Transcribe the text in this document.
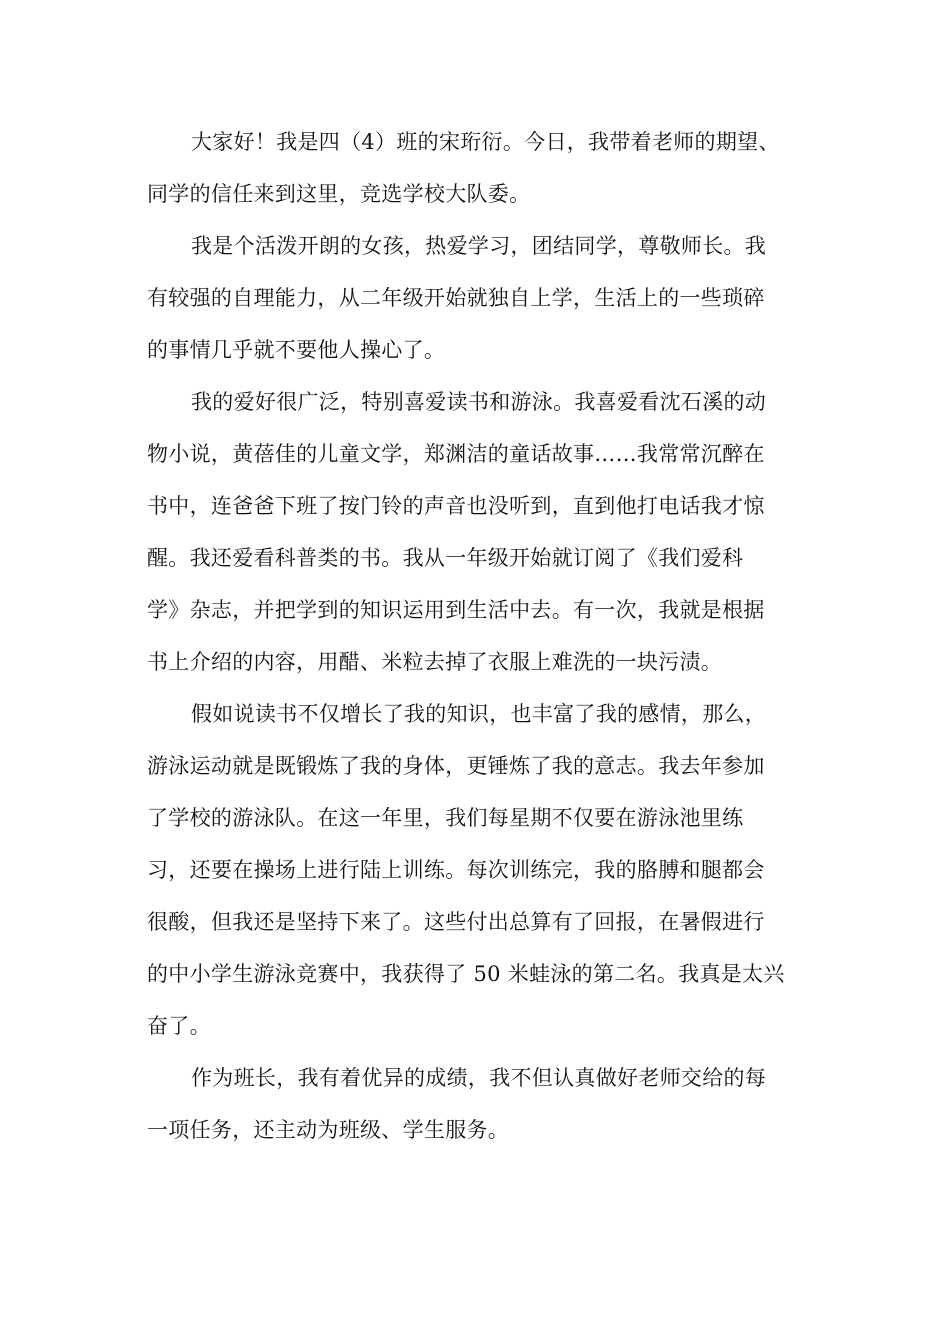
大家好！我是四（4）班的宋珩衍。今日，我带着老师的期望、
同学的信任来到这里，竞选学校大队委。

我是个活泼开朗的女孩，热爱学习，团结同学，尊敬师长。我
有较强的自理能力，从二年级开始就独自上学，生活上的一些琐碎
的事情几乎就不要他人操心了。

我的爱好很广泛，特别喜爱读书和游泳。我喜爱看沈石溪的动
物小说，黄蓓佳的儿童文学，郑渊洁的童话故事……我常常沉醉在
书中，连爸爸下班了按门铃的声音也没听到，直到他打电话我才惊
醒。我还爱看科普类的书。我从一年级开始就订阅了《我们爱科
学》杂志，并把学到的知识运用到生活中去。有一次，我就是根据
书上介绍的内容，用醋、米粒去掉了衣服上难洗的一块污渍。

假如说读书不仅增长了我的知识，也丰富了我的感情，那么，
游泳运动就是既锻炼了我的身体，更锤炼了我的意志。我去年参加
了学校的游泳队。在这一年里，我们每星期不仅要在游泳池里练
习，还要在操场上进行陆上训练。每次训练完，我的胳膊和腿都会
很酸，但我还是坚持下来了。这些付出总算有了回报，在暑假进行
的中小学生游泳竞赛中，我获得了 50 米蛙泳的第二名。我真是太兴
奋了。

作为班长，我有着优异的成绩，我不但认真做好老师交给的每
一项任务，还主动为班级、学生服务。
